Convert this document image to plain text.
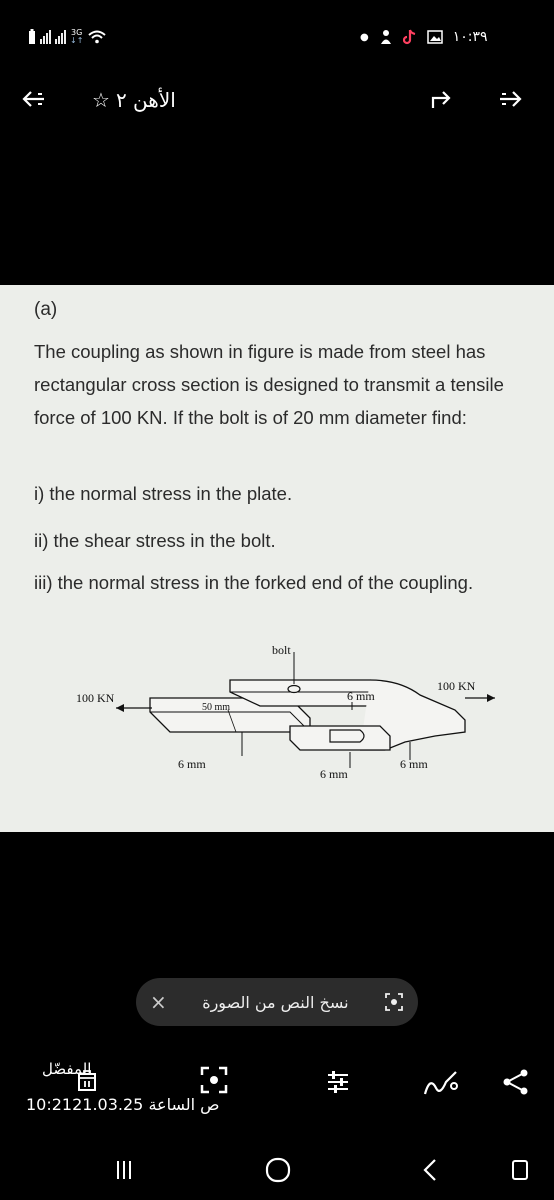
3G
↓↑	●	١٠:٣٩
☆ الأهن ٢
(a)
The coupling as shown in figure is made from steel has rectangular cross section is designed to transmit a tensile force of 100 KN. If the bolt is of 20 mm diameter find:
i) the normal stress in the plate.
ii) the shear stress in the bolt.
iii) the normal stress in the forked end of the coupling.
bolt
100 KN
100 KN
50 mm
6 mm
6 mm
6 mm
6 mm
× نسخ النص من الصورة
المفضّل
10:21ص الساعة 21.03.25
